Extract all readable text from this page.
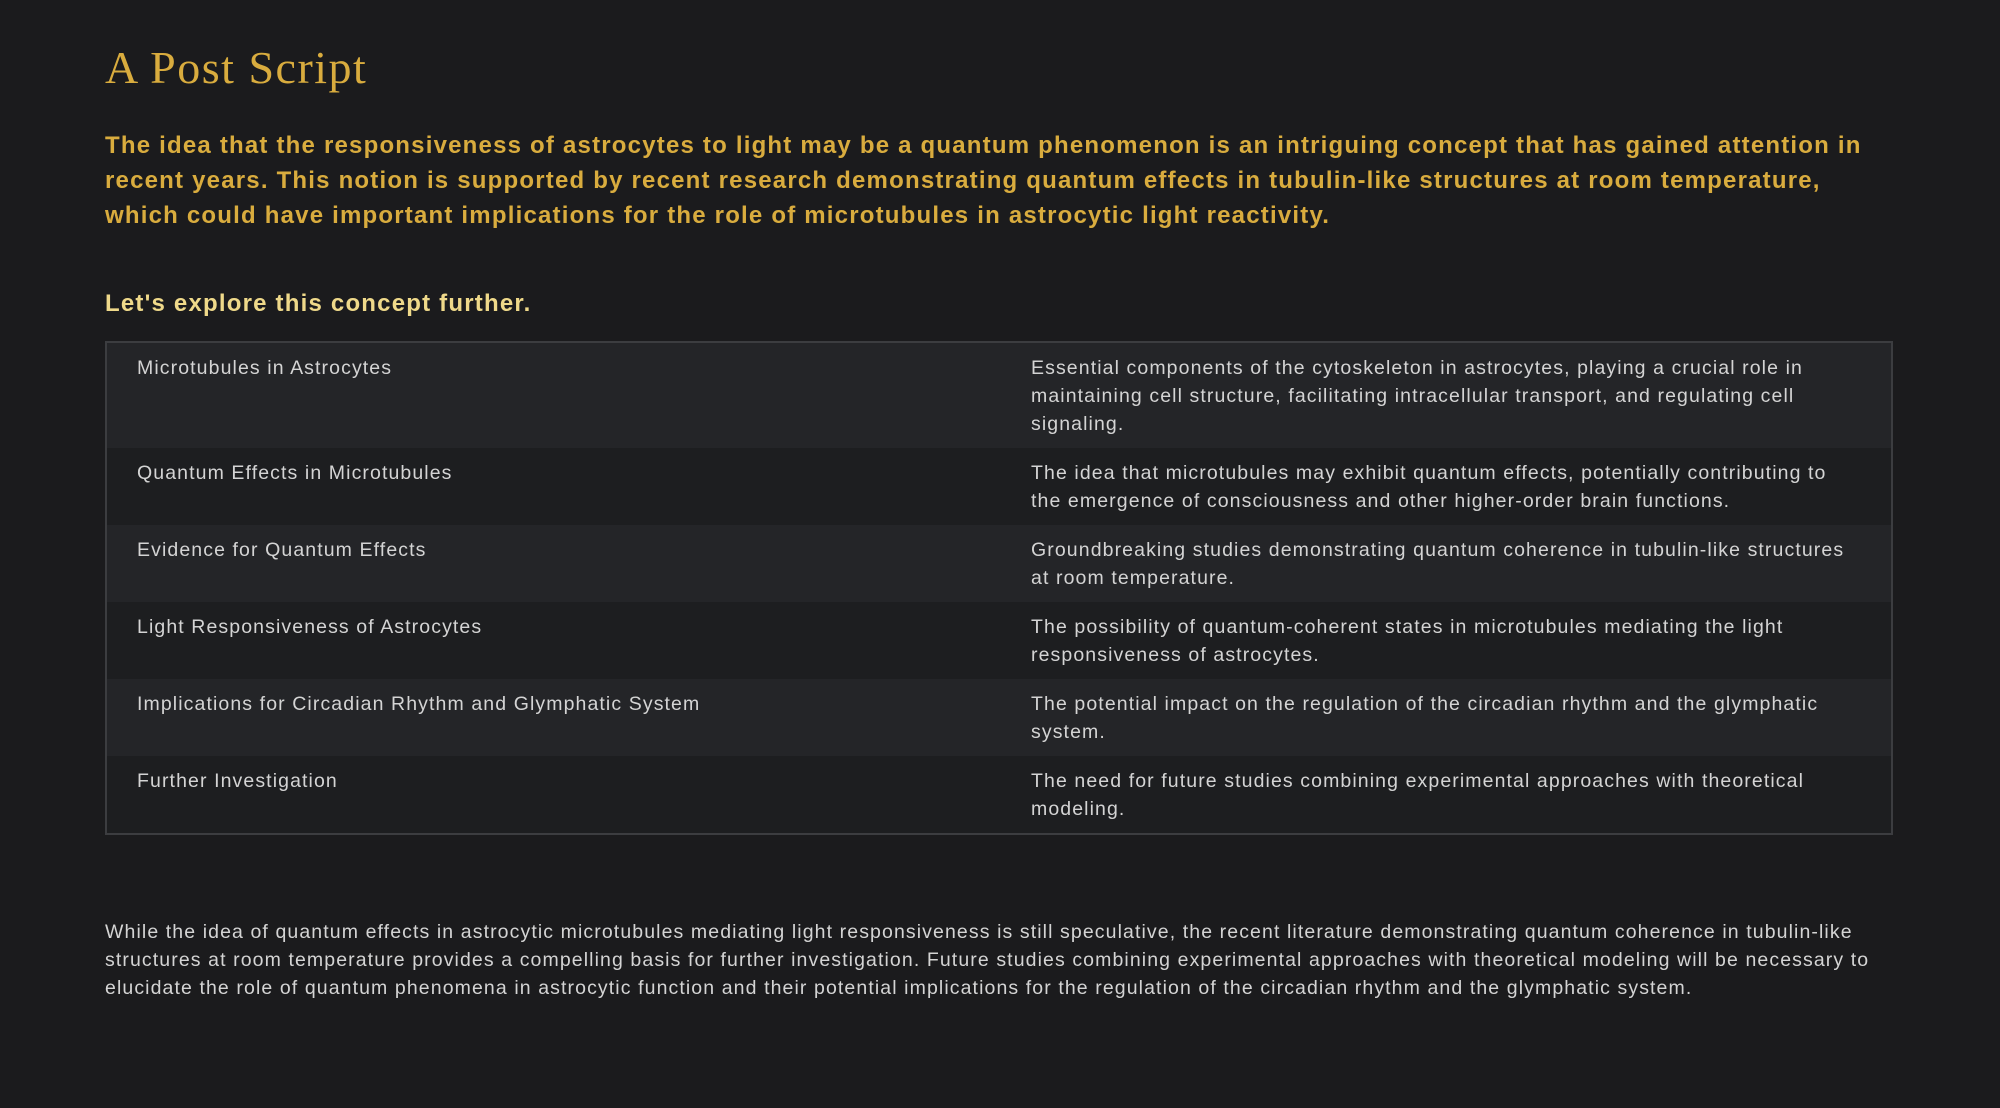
A Post Script
The idea that the responsiveness of astrocytes to light may be a quantum phenomenon is an intriguing concept that has gained attention in recent years. This notion is supported by recent research demonstrating quantum effects in tubulin-like structures at room temperature, which could have important implications for the role of microtubules in astrocytic light reactivity.
Let's explore this concept further.
Microtubules in Astrocytes	Essential components of the cytoskeleton in astrocytes, playing a crucial role in maintaining cell structure, facilitating intracellular transport, and regulating cell signaling.
Quantum Effects in Microtubules	The idea that microtubules may exhibit quantum effects, potentially contributing to the emergence of consciousness and other higher-order brain functions.
Evidence for Quantum Effects	Groundbreaking studies demonstrating quantum coherence in tubulin-like structures at room temperature.
Light Responsiveness of Astrocytes	The possibility of quantum-coherent states in microtubules mediating the light responsiveness of astrocytes.
Implications for Circadian Rhythm and Glymphatic System	The potential impact on the regulation of the circadian rhythm and the glymphatic system.
Further Investigation	The need for future studies combining experimental approaches with theoretical modeling.
While the idea of quantum effects in astrocytic microtubules mediating light responsiveness is still speculative, the recent literature demonstrating quantum coherence in tubulin-like structures at room temperature provides a compelling basis for further investigation. Future studies combining experimental approaches with theoretical modeling will be necessary to elucidate the role of quantum phenomena in astrocytic function and their potential implications for the regulation of the circadian rhythm and the glymphatic system.
